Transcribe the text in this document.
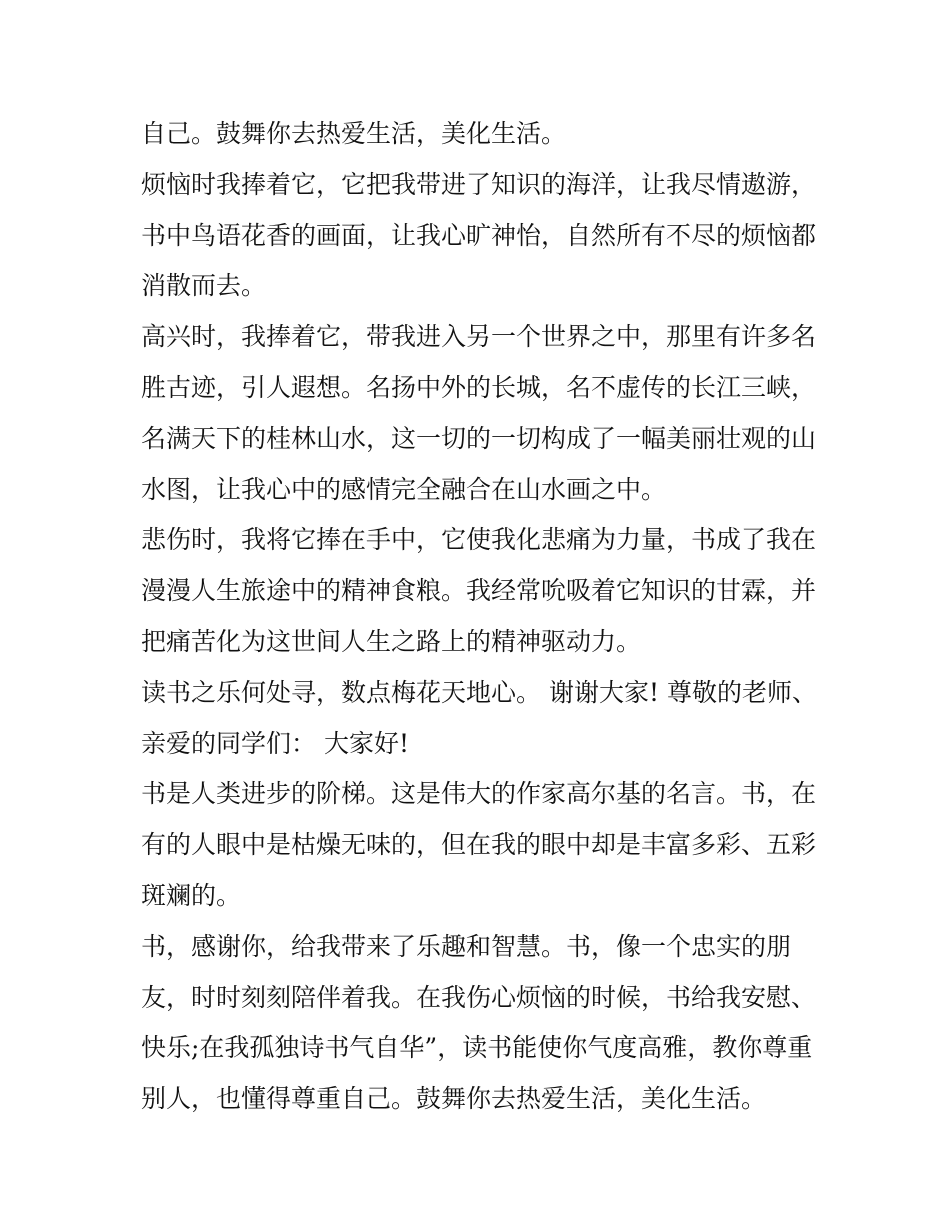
自己。鼓舞你去热爱生活，美化生活。

烦恼时我捧着它，它把我带进了知识的海洋，让我尽情遨游，
书中鸟语花香的画面，让我心旷神怡，自然所有不尽的烦恼都
消散而去。

高兴时，我捧着它，带我进入另一个世界之中，那里有许多名
胜古迹，引人遐想。名扬中外的长城，名不虚传的长江三峡，
名满天下的桂林山水，这一切的一切构成了一幅美丽壮观的山
水图，让我心中的感情完全融合在山水画之中。

悲伤时，我将它捧在手中，它使我化悲痛为力量，书成了我在
漫漫人生旅途中的精神食粮。我经常吮吸着它知识的甘霖，并
把痛苦化为这世间人生之路上的精神驱动力。

读书之乐何处寻，数点梅花天地心。 谢谢大家! 尊敬的老师、
亲爱的同学们： 大家好!

书是人类进步的阶梯。这是伟大的作家高尔基的名言。书，在
有的人眼中是枯燥无味的，但在我的眼中却是丰富多彩、五彩
斑斓的。

书，感谢你，给我带来了乐趣和智慧。书，像一个忠实的朋
友，时时刻刻陪伴着我。在我伤心烦恼的时候，书给我安慰、
快乐;在我孤独诗书气自华”，读书能使你气度高雅，教你尊重
别人，也懂得尊重自己。鼓舞你去热爱生活，美化生活。
